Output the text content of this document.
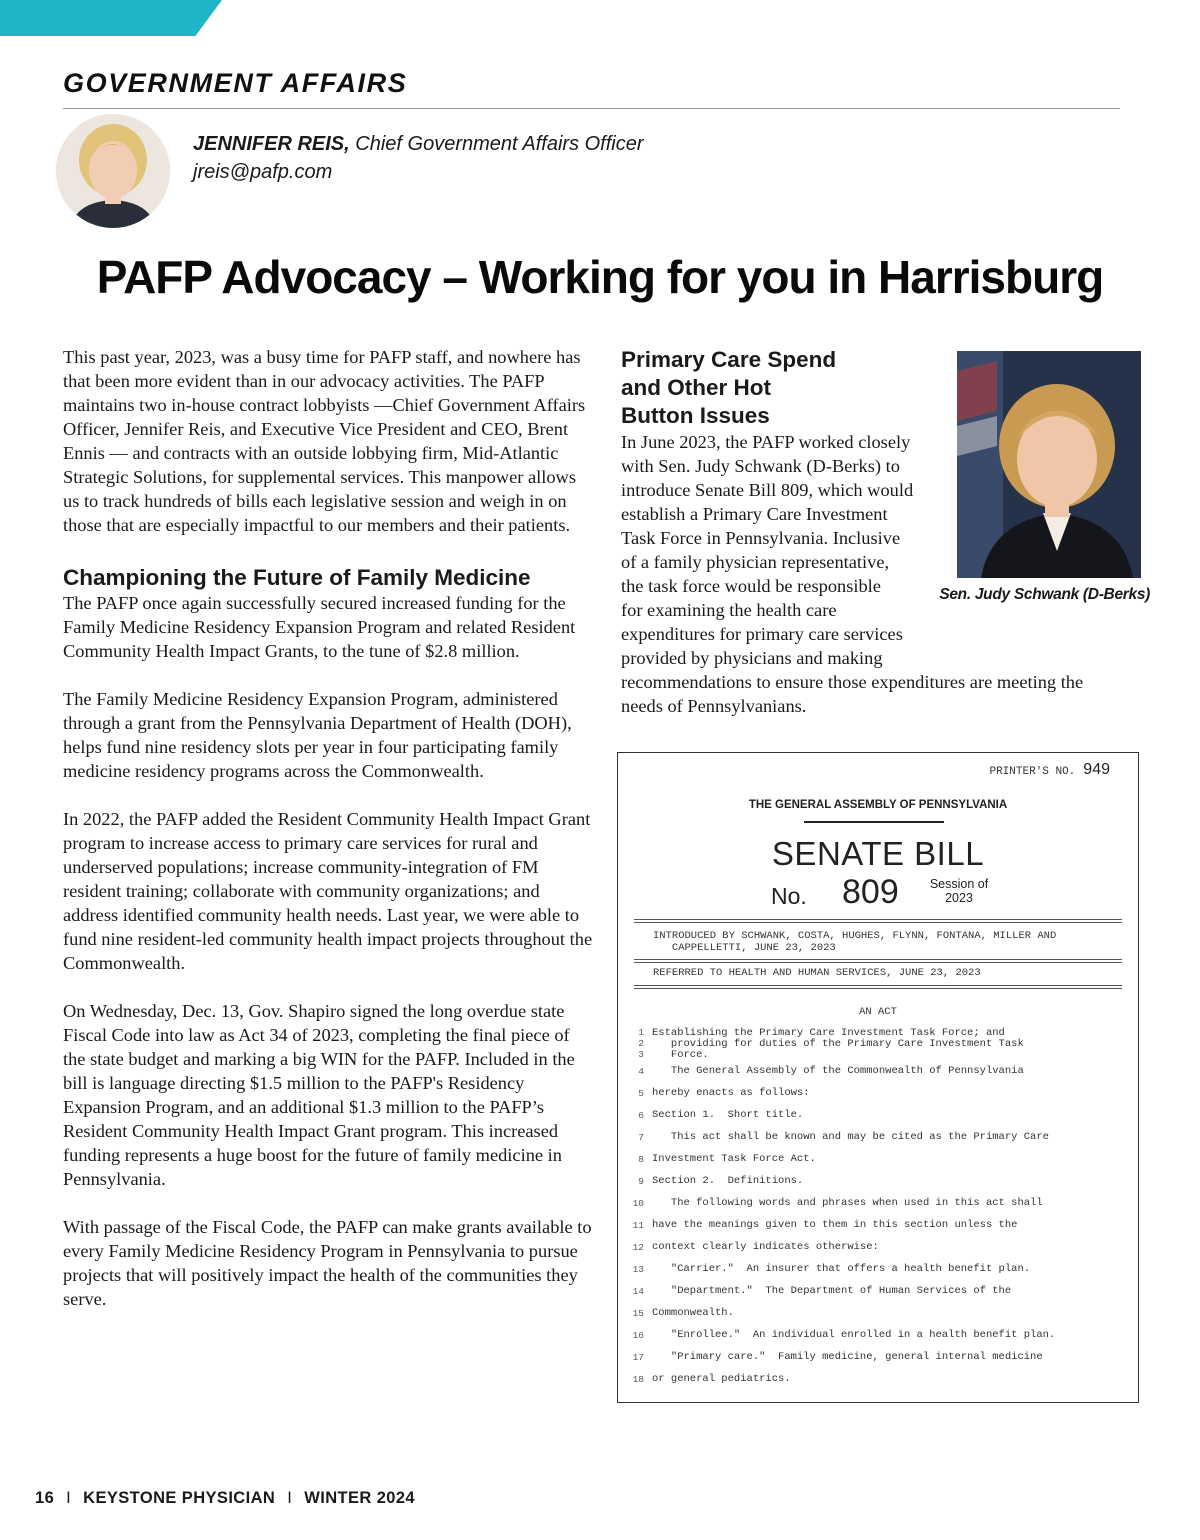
GOVERNMENT AFFAIRS
JENNIFER REIS, Chief Government Affairs Officer
jreis@pafp.com
PAFP Advocacy – Working for you in Harrisburg

This past year, 2023, was a busy time for PAFP staff, and nowhere has that been more evident than in our advocacy activities. The PAFP maintains two in-house contract lobbyists —Chief Government Affairs Officer, Jennifer Reis, and Executive Vice President and CEO, Brent Ennis — and contracts with an outside lobbying firm, Mid-Atlantic Strategic Solutions, for supplemental services. This manpower allows us to track hundreds of bills each legislative session and weigh in on those that are especially impactful to our members and their patients.

Championing the Future of Family Medicine

The PAFP once again successfully secured increased funding for the Family Medicine Residency Expansion Program and related Resident Community Health Impact Grants, to the tune of $2.8 million.

The Family Medicine Residency Expansion Program, administered through a grant from the Pennsylvania Department of Health (DOH), helps fund nine residency slots per year in four participating family medicine residency programs across the Commonwealth.

In 2022, the PAFP added the Resident Community Health Impact Grant program to increase access to primary care services for rural and underserved populations; increase community-integration of FM resident training; collaborate with community organizations; and address identified community health needs. Last year, we were able to fund nine resident-led community health impact projects throughout the Commonwealth.

On Wednesday, Dec. 13, Gov. Shapiro signed the long overdue state Fiscal Code into law as Act 34 of 2023, completing the final piece of the state budget and marking a big WIN for the PAFP. Included in the bill is language directing $1.5 million to the PAFP's Residency Expansion Program, and an additional $1.3 million to the PAFP’s Resident Community Health Impact Grant program. This increased funding represents a huge boost for the future of family medicine in Pennsylvania.

With passage of the Fiscal Code, the PAFP can make grants available to every Family Medicine Residency Program in Pennsylvania to pursue projects that will positively impact the health of the communities they serve.

Primary Care Spend
and Other Hot
Button Issues
In June 2023, the PAFP worked closely
with Sen. Judy Schwank (D-Berks) to
introduce Senate Bill 809, which would
establish a Primary Care Investment
Task Force in Pennsylvania. Inclusive
of a family physician representative,
the task force would be responsible
for examining the health care
expenditures for primary care services
provided by physicians and making
recommendations to ensure those expenditures are meeting the needs of Pennsylvanians.
Sen. Judy Schwank (D-Berks)
PRINTER'S NO. 949
THE GENERAL ASSEMBLY OF PENNSYLVANIA
SENATE BILL
No. 809	Session of
2023
INTRODUCED BY SCHWANK, COSTA, HUGHES, FLYNN, FONTANA, MILLER AND
CAPPELLETTI, JUNE 23, 2023
REFERRED TO HEALTH AND HUMAN SERVICES, JUNE 23, 2023
AN ACT
1 Establishing the Primary Care Investment Task Force; and
2 providing for duties of the Primary Care Investment Task
3 Force.
4 The General Assembly of the Commonwealth of Pennsylvania
5 hereby enacts as follows:
6 Section 1.  Short title.
7 This act shall be known and may be cited as the Primary Care
8 Investment Task Force Act.
9 Section 2.  Definitions.
10 The following words and phrases when used in this act shall
11 have the meanings given to them in this section unless the
12 context clearly indicates otherwise:
13 "Carrier."  An insurer that offers a health benefit plan.
14 "Department."  The Department of Human Services of the
15 Commonwealth.
16 "Enrollee."  An individual enrolled in a health benefit plan.
17 "Primary care."  Family medicine, general internal medicine
18 or general pediatrics.
16 I KEYSTONE PHYSICIAN I WINTER 2024
